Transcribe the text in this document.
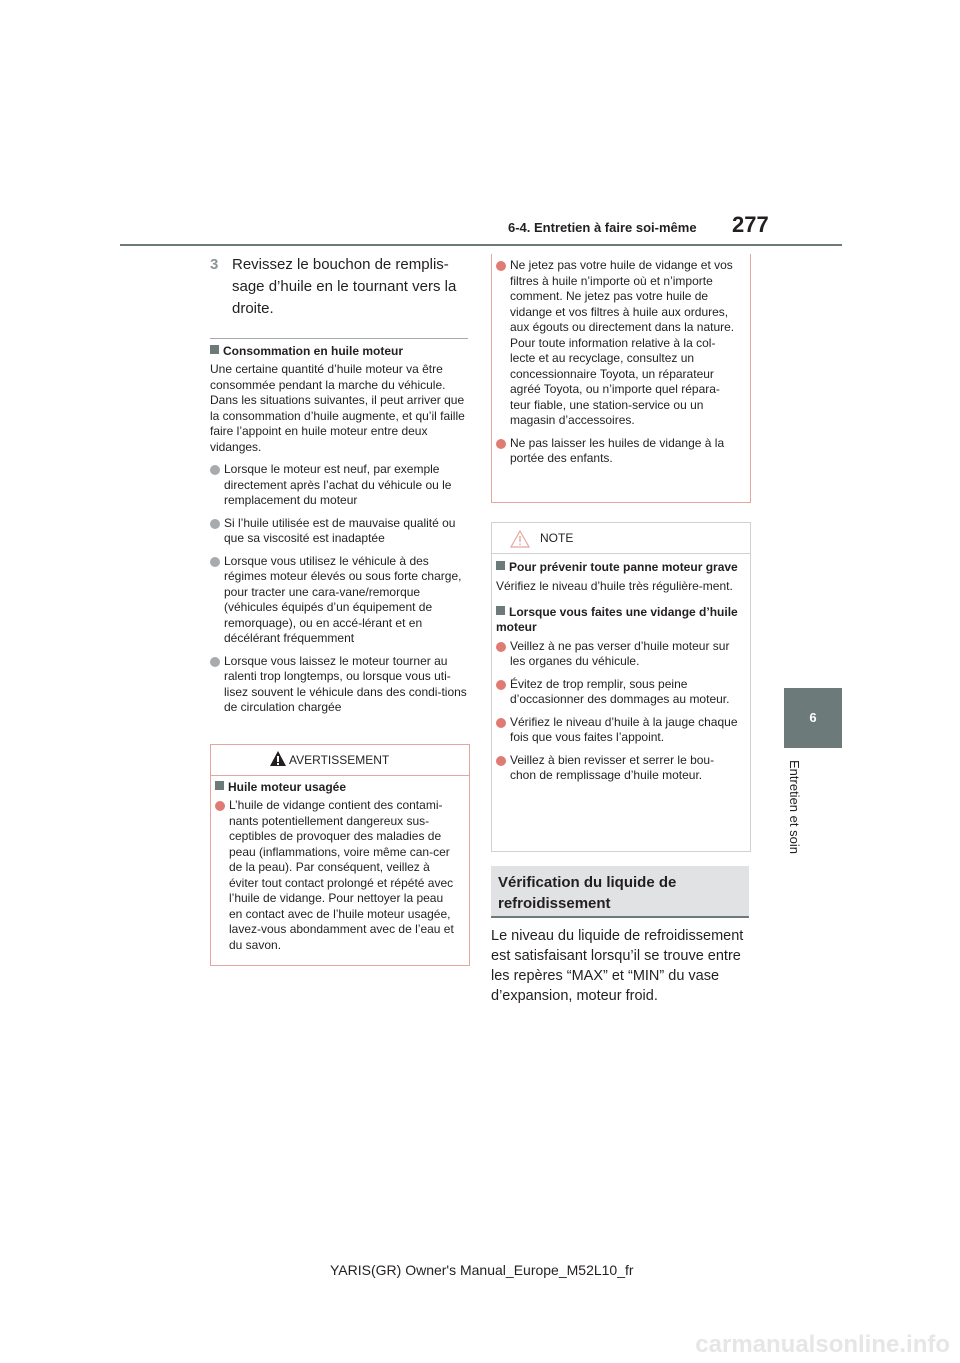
6-4. Entretien à faire soi-même 277
6
Entretien et soin
3 Revissez le bouchon de remplis-sage d’huile en le tournant vers la droite.
Consommation en huile moteur
Une certaine quantité d’huile moteur va être consommée pendant la marche du véhicule. Dans les situations suivantes, il peut arriver que la consommation d’huile augmente, et qu’il faille faire l’appoint en huile moteur entre deux vidanges.
Lorsque le moteur est neuf, par exemple directement après l’achat du véhicule ou le remplacement du moteur
Si l’huile utilisée est de mauvaise qualité ou que sa viscosité est inadaptée
Lorsque vous utilisez le véhicule à des régimes moteur élevés ou sous forte charge, pour tracter une cara-vane/remorque (véhicules équipés d’un équipement de remorquage), ou en accé-lérant et en décélérant fréquemment
Lorsque vous laissez le moteur tourner au ralenti trop longtemps, ou lorsque vous uti-lisez souvent le véhicule dans des condi-tions de circulation chargée
AVERTISSEMENT
Huile moteur usagée
L’huile de vidange contient des contami-nants potentiellement dangereux sus-ceptibles de provoquer des maladies de peau (inflammations, voire même can-cer de la peau). Par conséquent, veillez à éviter tout contact prolongé et répété avec l’huile de vidange. Pour nettoyer la peau en contact avec de l’huile moteur usagée, lavez-vous abondamment avec de l’eau et du savon.
Ne jetez pas votre huile de vidange et vos filtres à huile n’importe où et n’importe comment. Ne jetez pas votre huile de vidange et vos filtres à huile aux ordures, aux égouts ou directement dans la nature. Pour toute information relative à la col-lecte et au recyclage, consultez un concessionnaire Toyota, un réparateur agréé Toyota, ou n’importe quel répara-teur fiable, une station-service ou un magasin d’accessoires.
Ne pas laisser les huiles de vidange à la portée des enfants.
NOTE
Pour prévenir toute panne moteur grave
Vérifiez le niveau d’huile très régulière-ment.
Lorsque vous faites une vidange d’huile moteur
Veillez à ne pas verser d’huile moteur sur les organes du véhicule.
Évitez de trop remplir, sous peine d’occasionner des dommages au moteur.
Vérifiez le niveau d’huile à la jauge chaque fois que vous faites l’appoint.
Veillez à bien revisser et serrer le bou-chon de remplissage d’huile moteur.
Vérification du liquide de refroidissement
Le niveau du liquide de refroidissement est satisfaisant lorsqu’il se trouve entre les repères “MAX” et “MIN” du vase d’expansion, moteur froid.
YARIS(GR) Owner's Manual_Europe_M52L10_fr
carmanualsonline.info
